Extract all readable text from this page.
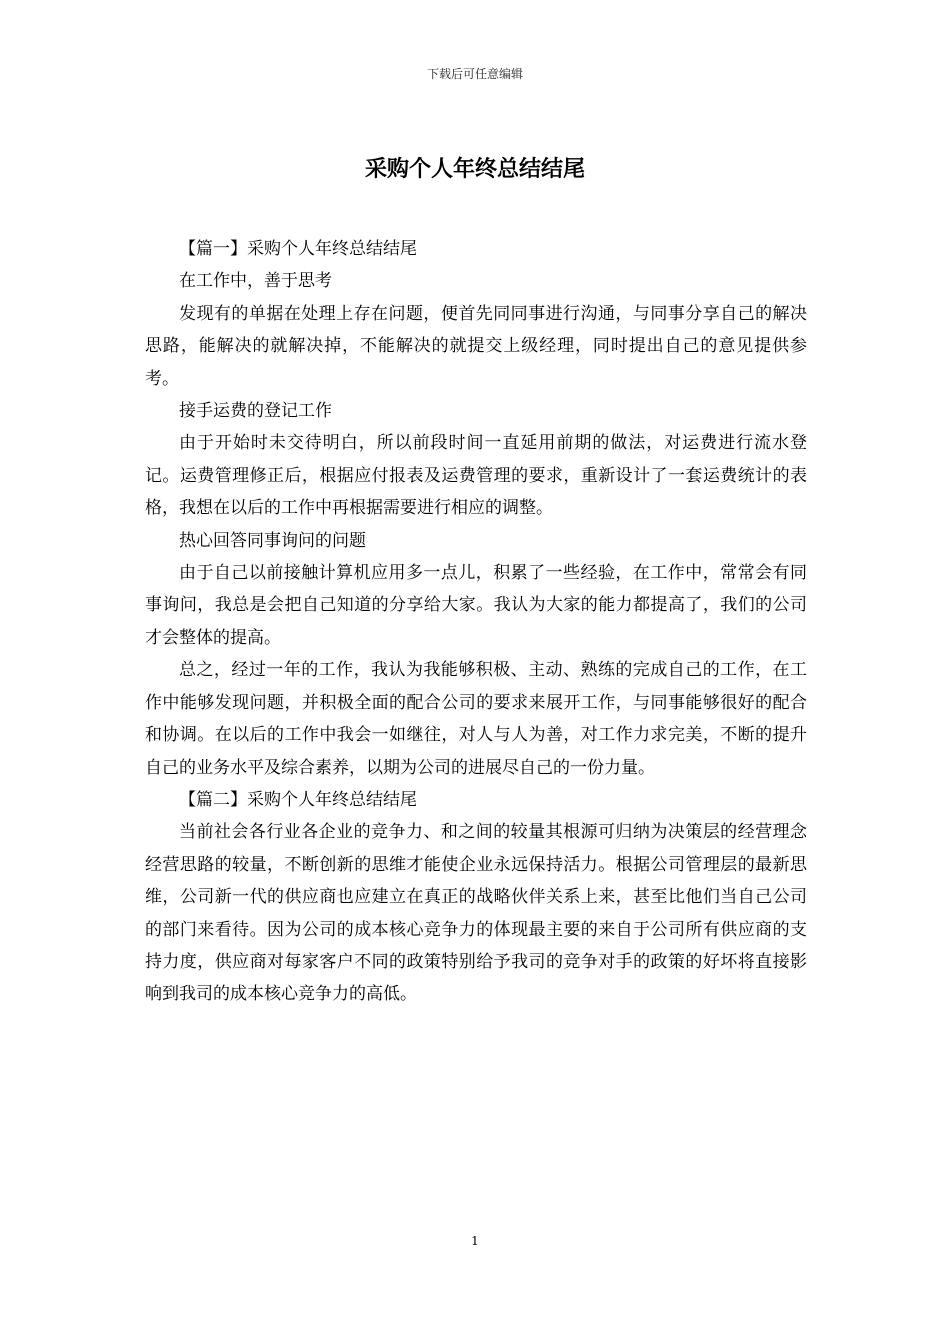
下载后可任意编辑
采购个人年终总结结尾

【篇一】采购个人年终总结结尾

在工作中，善于思考

发现有的单据在处理上存在问题，便首先同同事进行沟通，与同事分享自己的解决思路，能解决的就解决掉，不能解决的就提交上级经理，同时提出自己的意见提供参考。

接手运费的登记工作

由于开始时未交待明白，所以前段时间一直延用前期的做法，对运费进行流水登记。运费管理修正后，根据应付报表及运费管理的要求，重新设计了一套运费统计的表格，我想在以后的工作中再根据需要进行相应的调整。

热心回答同事询问的问题

由于自己以前接触计算机应用多一点儿，积累了一些经验，在工作中，常常会有同事询问，我总是会把自己知道的分享给大家。我认为大家的能力都提高了，我们的公司才会整体的提高。

总之，经过一年的工作，我认为我能够积极、主动、熟练的完成自己的工作，在工作中能够发现问题，并积极全面的配合公司的要求来展开工作，与同事能够很好的配合和协调。在以后的工作中我会一如继往，对人与人为善，对工作力求完美，不断的提升自己的业务水平及综合素养，以期为公司的进展尽自己的一份力量。

【篇二】采购个人年终总结结尾

当前社会各行业各企业的竞争力、和之间的较量其根源可归纳为决策层的经营理念经营思路的较量，不断创新的思维才能使企业永远保持活力。根据公司管理层的最新思维，公司新一代的供应商也应建立在真正的战略伙伴关系上来，甚至比他们当自己公司的部门来看待。因为公司的成本核心竞争力的体现最主要的来自于公司所有供应商的支持力度，供应商对每家客户不同的政策特别给予我司的竞争对手的政策的好坏将直接影响到我司的成本核心竞争力的高低。

1
